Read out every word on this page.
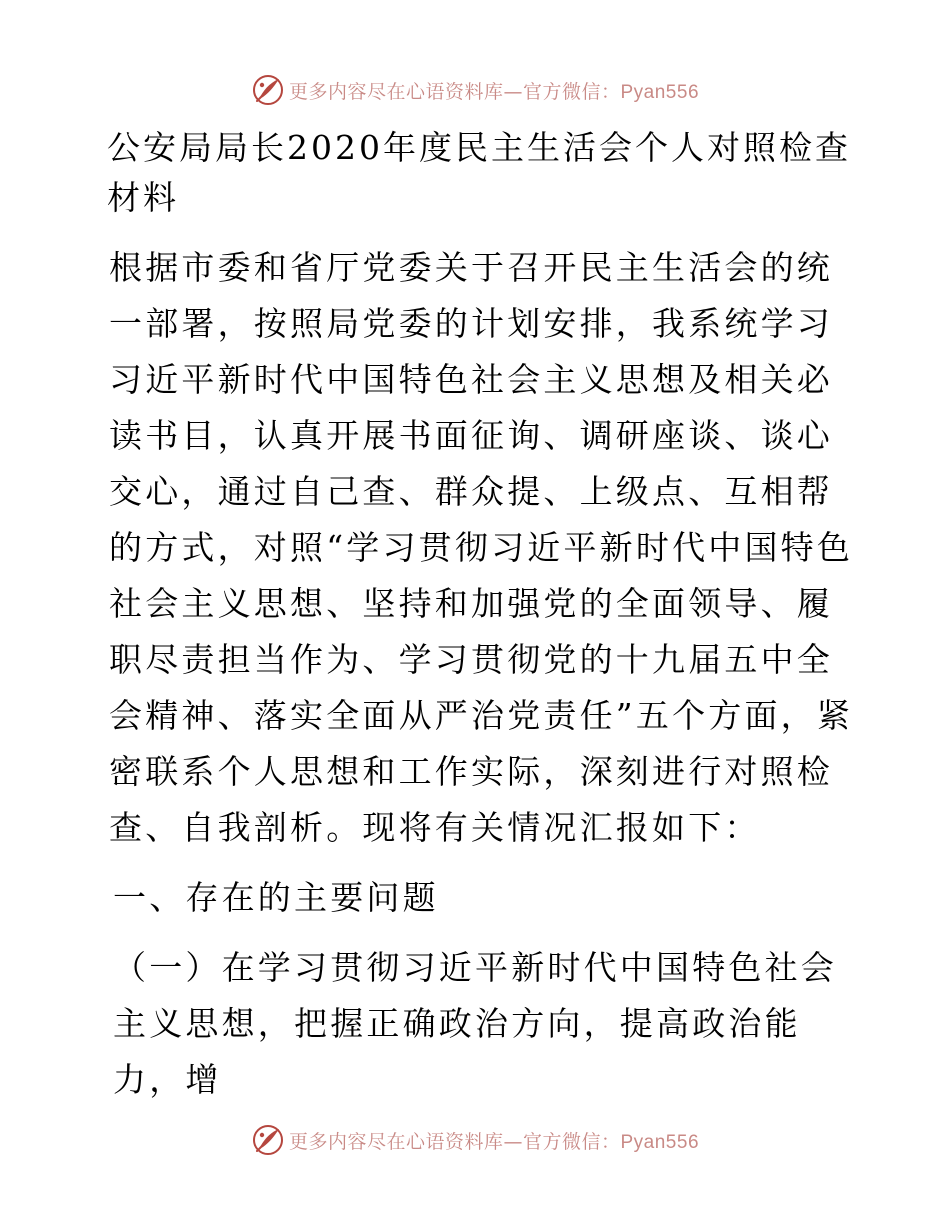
更多内容尽在心语资料库—官方微信：Pyan556
公安局局长2020年度民主生活会个人对照检查材料

根据市委和省厅党委关于召开民主生活会的统一部署，按照局党委的计划安排，我系统学习习近平新时代中国特色社会主义思想及相关必读书目，认真开展书面征询、调研座谈、谈心交心，通过自己查、群众提、上级点、互相帮的方式，对照“学习贯彻习近平新时代中国特色社会主义思想、坚持和加强党的全面领导、履职尽责担当作为、学习贯彻党的十九届五中全会精神、落实全面从严治党责任”五个方面，紧密联系个人思想和工作实际，深刻进行对照检查、自我剖析。现将有关情况汇报如下：

一、存在的主要问题

（一）在学习贯彻习近平新时代中国特色社会主义思想，把握正确政治方向，提高政治能力，增

更多内容尽在心语资料库—官方微信：Pyan556
